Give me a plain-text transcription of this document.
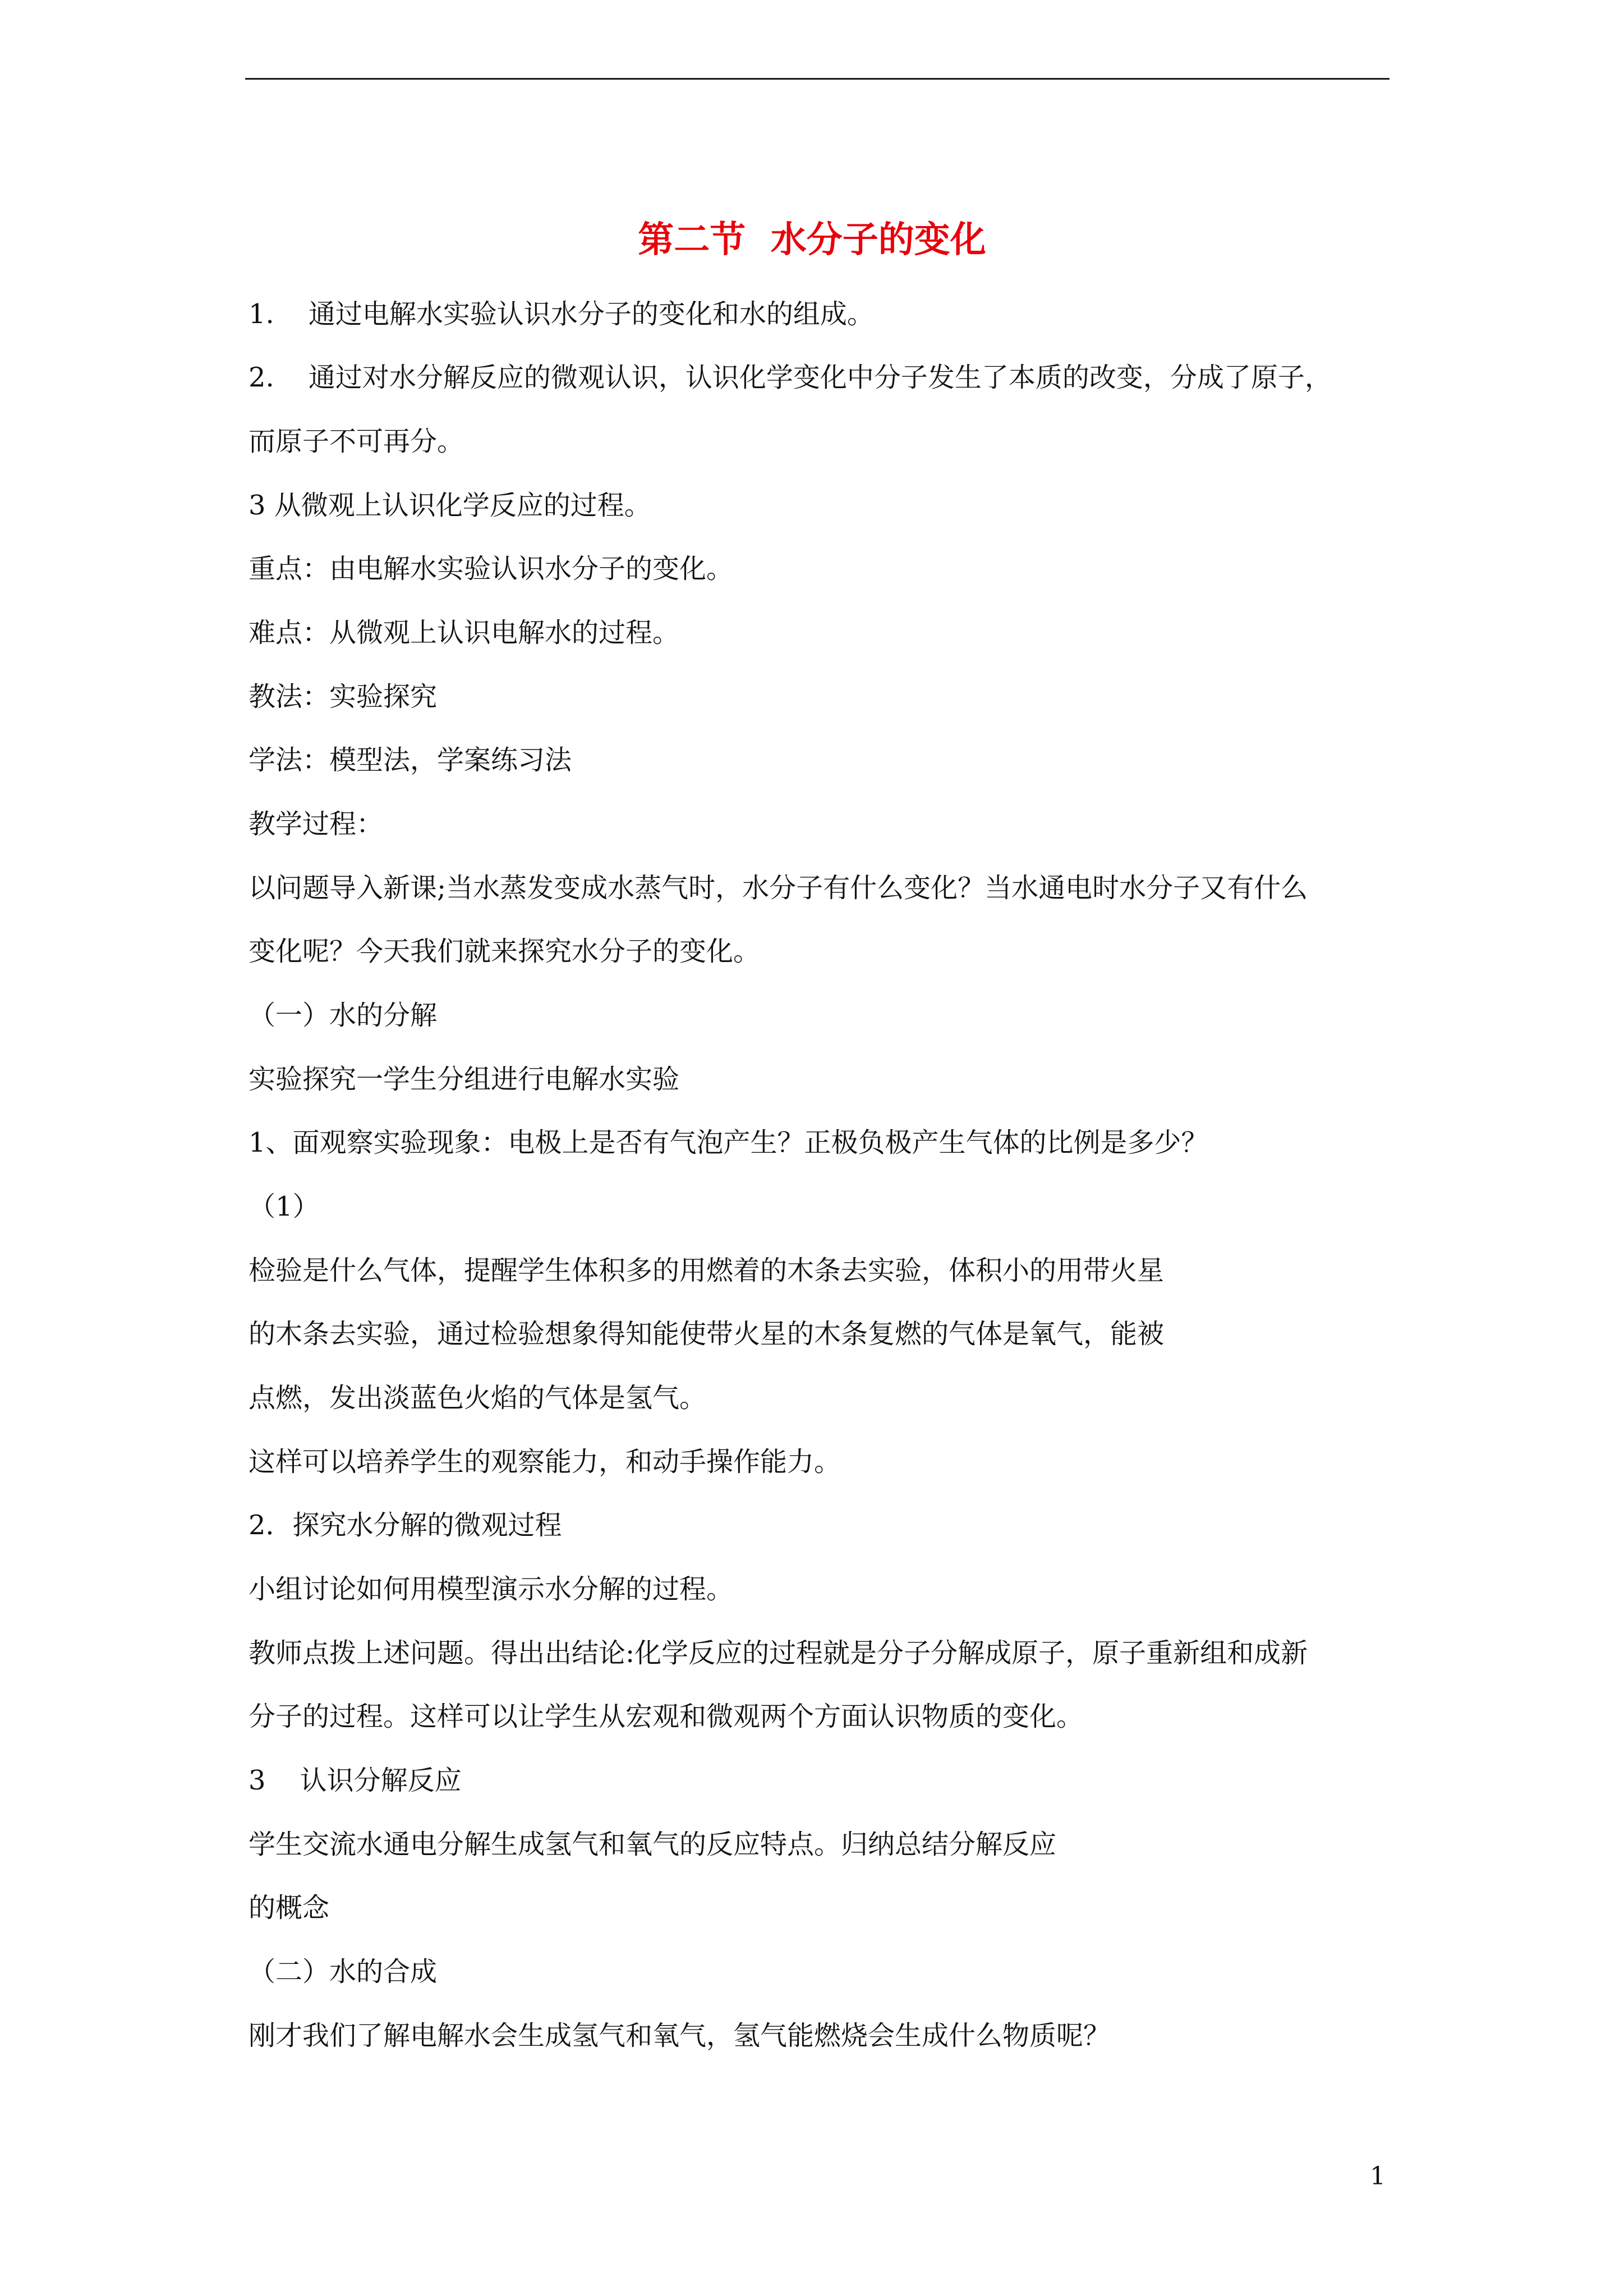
第二节  水分子的变化
1.    通过电解水实验认识水分子的变化和水的组成。
2.    通过对水分解反应的微观认识，认识化学变化中分子发生了本质的改变，分成了原子，
而原子不可再分。
3 从微观上认识化学反应的过程。
重点：由电解水实验认识水分子的变化。
难点：从微观上认识电解水的过程。
教法：实验探究
学法：模型法，学案练习法
教学过程：
以问题导入新课;当水蒸发变成水蒸气时，水分子有什么变化？当水通电时水分子又有什么
变化呢？今天我们就来探究水分子的变化。
（一）水的分解
实验探究一学生分组进行电解水实验
1、面观察实验现象：电极上是否有气泡产生？正极负极产生气体的比例是多少？
（1）
检验是什么气体，提醒学生体积多的用燃着的木条去实验，体积小的用带火星
的木条去实验，通过检验想象得知能使带火星的木条复燃的气体是氧气，能被
点燃，发出淡蓝色火焰的气体是氢气。
这样可以培养学生的观察能力，和动手操作能力。
2．探究水分解的微观过程
小组讨论如何用模型演示水分解的过程。
教师点拨上述问题。得出出结论:化学反应的过程就是分子分解成原子，原子重新组和成新
分子的过程。这样可以让学生从宏观和微观两个方面认识物质的变化。
3    认识分解反应
学生交流水通电分解生成氢气和氧气的反应特点。归纳总结分解反应
的概念
（二）水的合成
刚才我们了解电解水会生成氢气和氧气，氢气能燃烧会生成什么物质呢？
1
